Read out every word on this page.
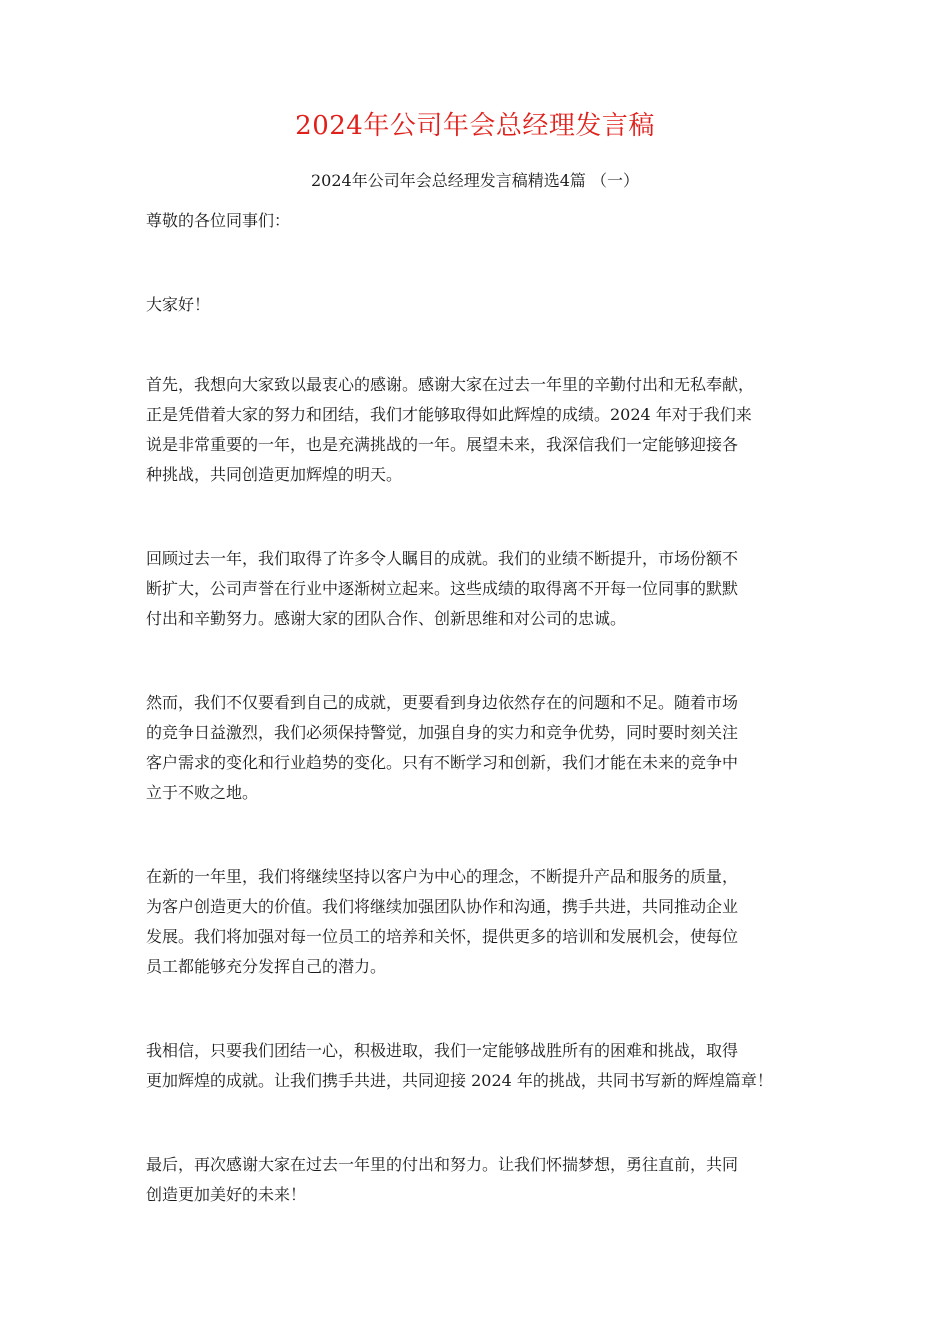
2024年公司年会总经理发言稿
2024年公司年会总经理发言稿精选4篇 （一）
尊敬的各位同事们：
大家好！
首先，我想向大家致以最衷心的感谢。感谢大家在过去一年里的辛勤付出和无私奉献，
正是凭借着大家的努力和团结，我们才能够取得如此辉煌的成绩。2024 年对于我们来
说是非常重要的一年，也是充满挑战的一年。展望未来，我深信我们一定能够迎接各
种挑战，共同创造更加辉煌的明天。
回顾过去一年，我们取得了许多令人瞩目的成就。我们的业绩不断提升，市场份额不
断扩大，公司声誉在行业中逐渐树立起来。这些成绩的取得离不开每一位同事的默默
付出和辛勤努力。感谢大家的团队合作、创新思维和对公司的忠诚。
然而，我们不仅要看到自己的成就，更要看到身边依然存在的问题和不足。随着市场
的竞争日益激烈，我们必须保持警觉，加强自身的实力和竞争优势，同时要时刻关注
客户需求的变化和行业趋势的变化。只有不断学习和创新，我们才能在未来的竞争中
立于不败之地。
在新的一年里，我们将继续坚持以客户为中心的理念，不断提升产品和服务的质量，
为客户创造更大的价值。我们将继续加强团队协作和沟通，携手共进，共同推动企业
发展。我们将加强对每一位员工的培养和关怀，提供更多的培训和发展机会，使每位
员工都能够充分发挥自己的潜力。
我相信，只要我们团结一心，积极进取，我们一定能够战胜所有的困难和挑战，取得
更加辉煌的成就。让我们携手共进，共同迎接 2024 年的挑战，共同书写新的辉煌篇章！
最后，再次感谢大家在过去一年里的付出和努力。让我们怀揣梦想，勇往直前，共同
创造更加美好的未来！
